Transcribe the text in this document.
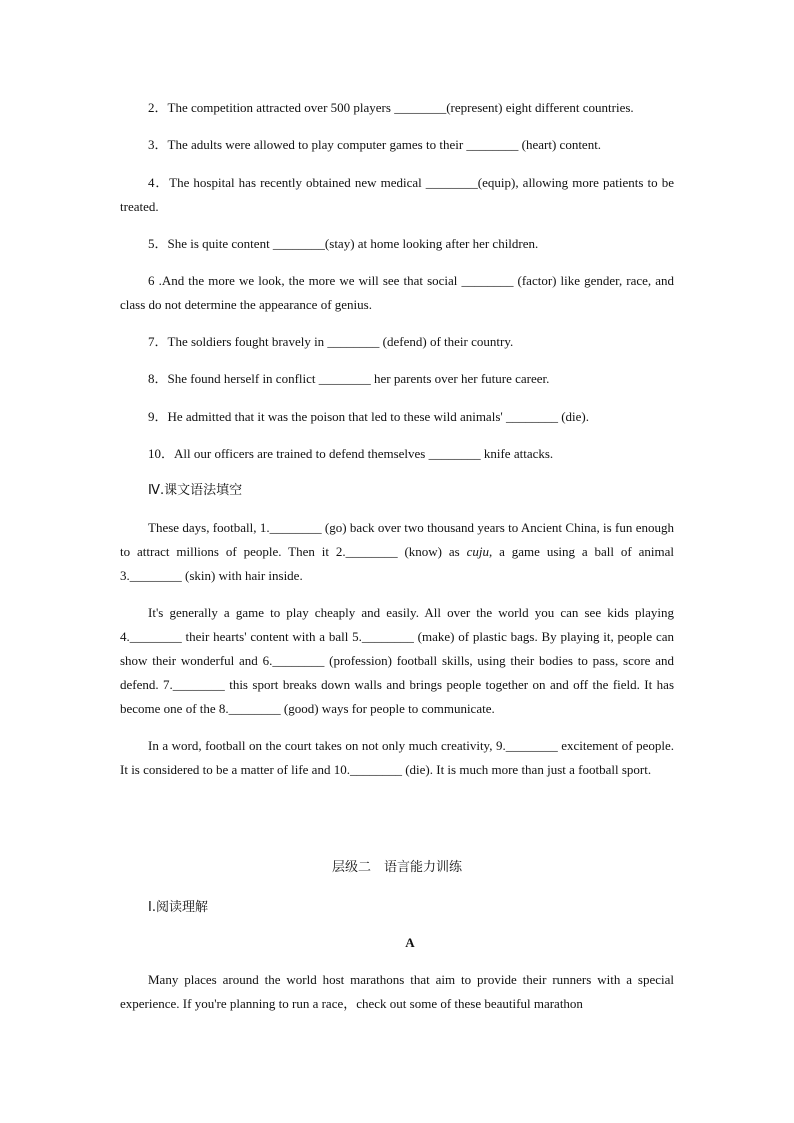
2．The competition attracted over 500 players ________(represent) eight different countries.
3．The adults were allowed to play computer games to their ________ (heart) content.
4．The hospital has recently obtained new medical ________(equip), allowing more patients to be treated.
5．She is quite content ________(stay) at home looking after her children.
6 .And the more we look, the more we will see that social ________ (factor) like gender, race, and class do not determine the appearance of genius.
7．The soldiers fought bravely in ________ (defend) of their country.
8．She found herself in conflict ________ her parents over her future career.
9．He admitted that it was the poison that led to these wild animals' ________ (die).
10．All our officers are trained to defend themselves ________ knife attacks.
Ⅳ.课文语法填空
These days, football, 1.________ (go) back over two thousand years to Ancient China, is fun enough to attract millions of people. Then it 2.________ (know) as cuju, a game using a ball of animal 3.________ (skin) with hair inside.
It's generally a game to play cheaply and easily. All over the world you can see kids playing 4.________ their hearts' content with a ball 5.________ (make) of plastic bags. By playing it, people can show their wonderful and 6.________ (profession) football skills, using their bodies to pass, score and defend. 7.________ this sport breaks down walls and brings people together on and off the field. It has become one of the 8.________ (good) ways for people to communicate.
In a word, football on the court takes on not only much creativity, 9.________ excitement of people. It is considered to be a matter of life and 10.________ (die). It is much more than just a football sport.
层级二　语言能力训练
Ⅰ.阅读理解
A
Many places around the world host marathons that aim to provide their runners with a special experience. If you're planning to run a race，check out some of these beautiful marathon
